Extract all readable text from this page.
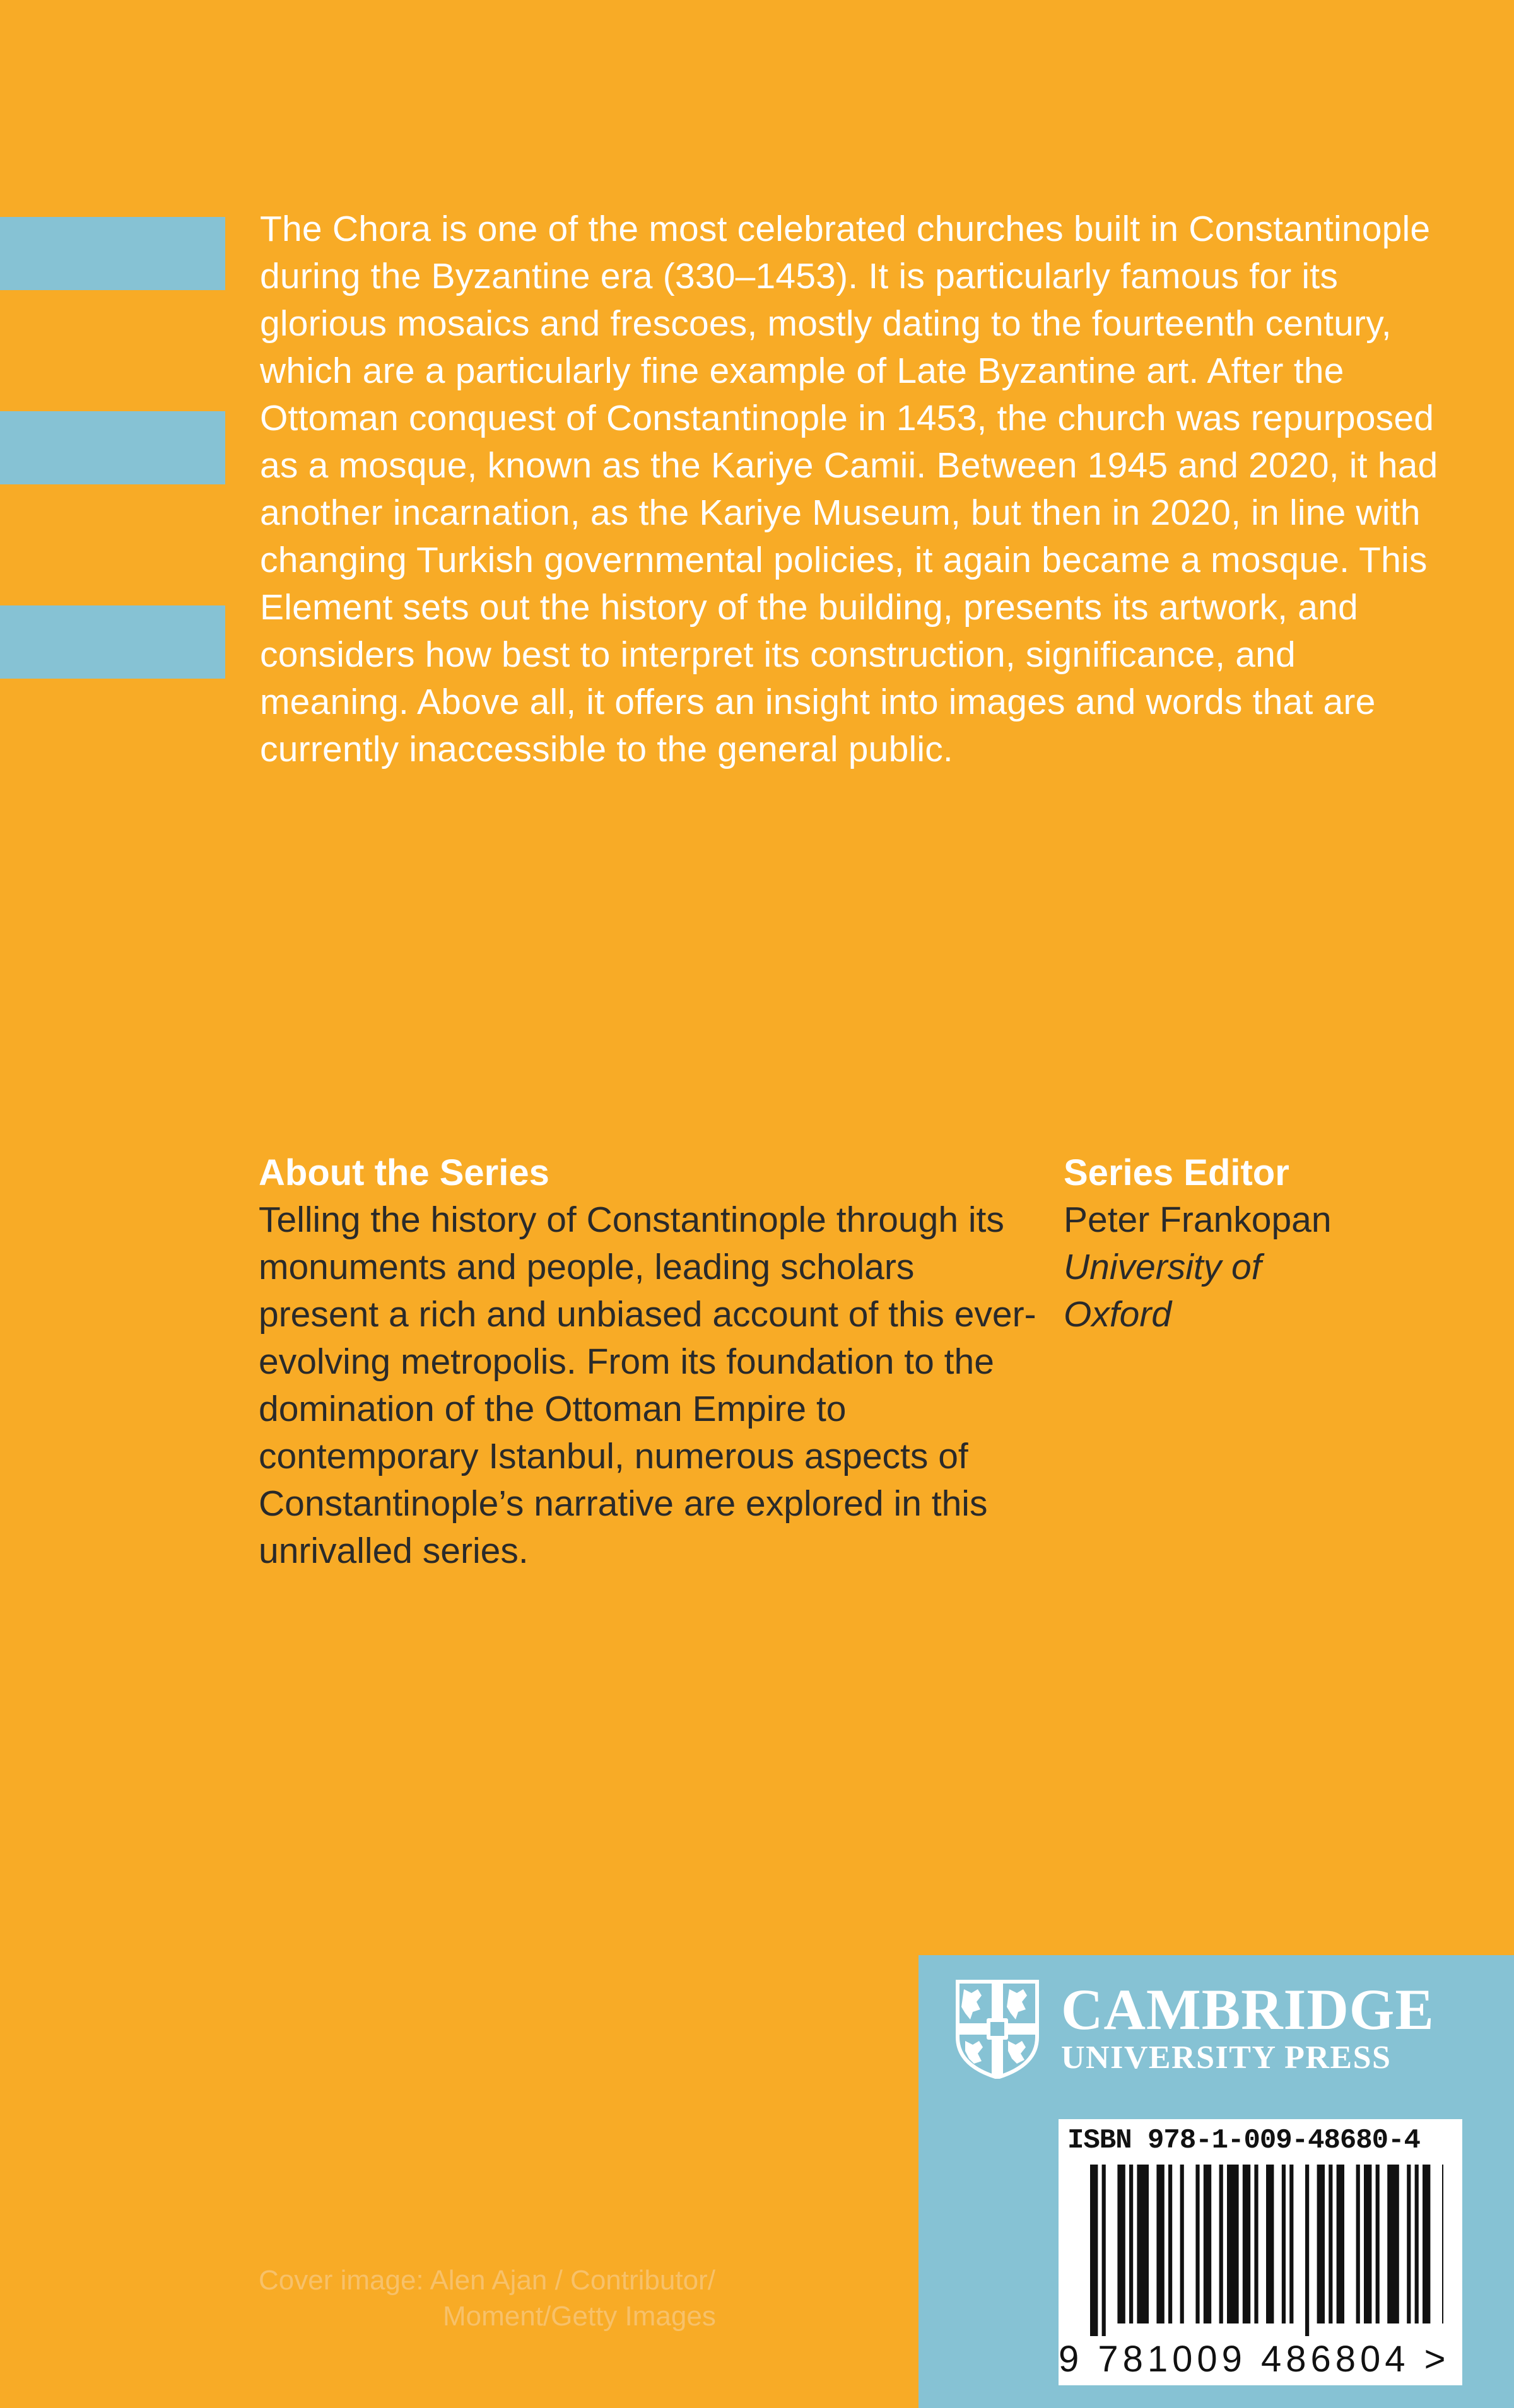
The Chora is one of the most celebrated churches built in Constantinople during the Byzantine era (330–1453). It is particularly famous for its glorious mosaics and frescoes, mostly dating to the fourteenth century, which are a particularly fine example of Late Byzantine art. After the Ottoman conquest of Constantinople in 1453, the church was repurposed as a mosque, known as the Kariye Camii. Between 1945 and 2020, it had another incarnation, as the Kariye Museum, but then in 2020, in line with changing Turkish governmental policies, it again became a mosque. This Element sets out the history of the building, presents its artwork, and considers how best to interpret its construction, significance, and meaning. Above all, it offers an insight into images and words that are currently inaccessible to the general public.

About the Series

Telling the history of Constantinople through its monuments and people, leading scholars present a rich and unbiased account of this ever-evolving metropolis. From its foundation to the domination of the Ottoman Empire to contemporary Istanbul, numerous aspects of Constantinople’s narrative are explored in this unrivalled series.

Series Editor

Peter Frankopan

University of

Oxford

Cover image: Alen Ajan / Contributor/
Moment/Getty Images

CAMBRIDGE
UNIVERSITY PRESS

ISBN 978-1-009-48680-4

9 781009 486804 >
